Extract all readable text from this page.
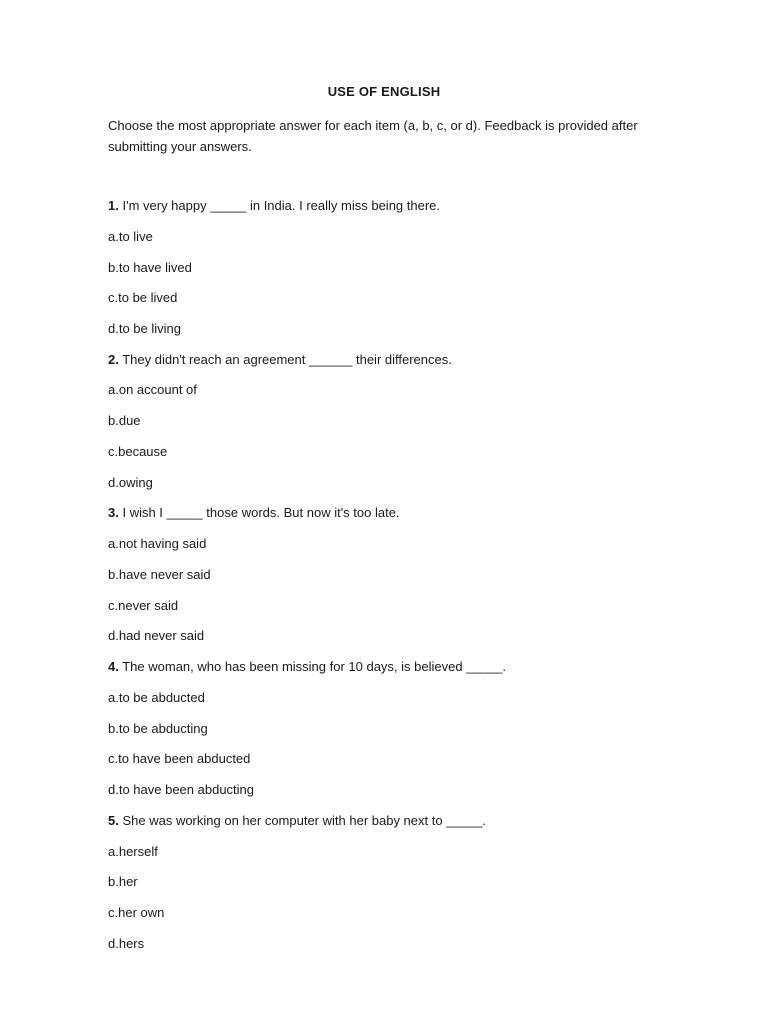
USE OF ENGLISH
Choose the most appropriate answer for each item (a, b, c, or d). Feedback is provided after submitting your answers.
1. I'm very happy _____ in India. I really miss being there.
a.to live
b.to have lived
c.to be lived
d.to be living
2. They didn't reach an agreement ______ their differences.
a.on account of
b.due
c.because
d.owing
3. I wish I _____ those words. But now it's too late.
a.not having said
b.have never said
c.never said
d.had never said
4. The woman, who has been missing for 10 days, is believed _____.
a.to be abducted
b.to be abducting
c.to have been abducted
d.to have been abducting
5. She was working on her computer with her baby next to _____.
a.herself
b.her
c.her own
d.hers
